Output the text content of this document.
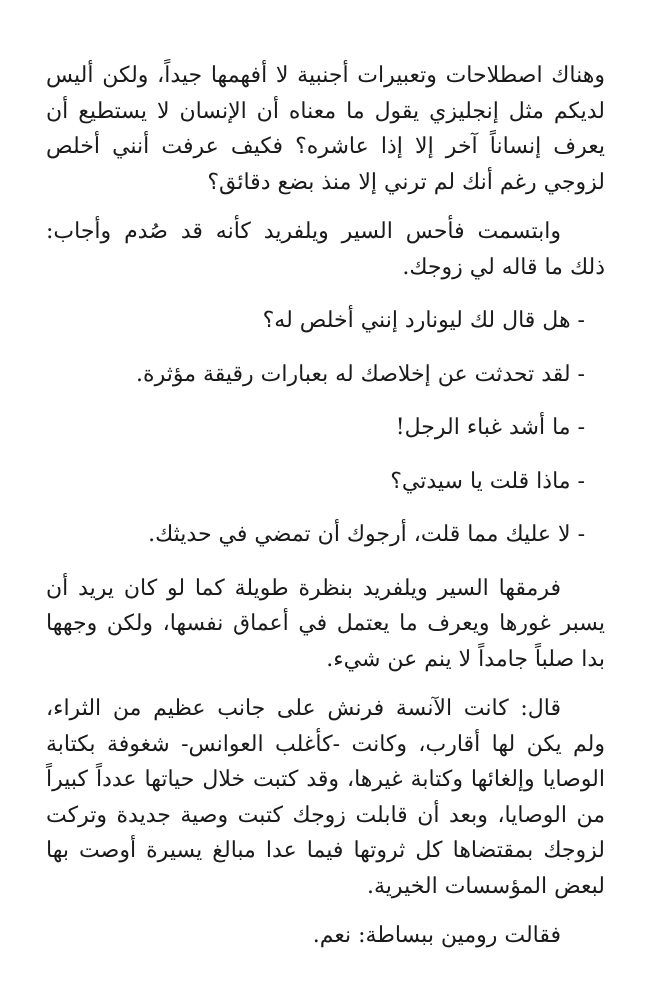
وهناك اصطلاحات وتعبيرات أجنبية لا أفهمها جيداً، ولكن أليس لديكم مثل إنجليزي يقول ما معناه أن الإنسان لا يستطيع أن يعرف إنساناً آخر إلا إذا عاشره؟ فكيف عرفت أنني أخلص لزوجي رغم أنك لم ترني إلا منذ بضع دقائق؟

وابتسمت فأحس السير ويلفريد كأنه قد صُدم وأجاب: ذلك ما قاله لي زوجك.

- هل قال لك ليونارد إنني أخلص له؟

- لقد تحدثت عن إخلاصك له بعبارات رقيقة مؤثرة.

- ما أشد غباء الرجل!

- ماذا قلت يا سيدتي؟

- لا عليك مما قلت، أرجوك أن تمضي في حديثك.

فرمقها السير ويلفريد بنظرة طويلة كما لو كان يريد أن يسبر غورها ويعرف ما يعتمل في أعماق نفسها، ولكن وجهها بدا صلباً جامداً لا ينم عن شيء.

قال: كانت الآنسة فرنش على جانب عظيم من الثراء، ولم يكن لها أقارب، وكانت -كأغلب العوانس- شغوفة بكتابة الوصايا وإلغائها وكتابة غيرها، وقد كتبت خلال حياتها عدداً كبيراً من الوصايا، وبعد أن قابلت زوجك كتبت وصية جديدة وتركت لزوجك بمقتضاها كل ثروتها فيما عدا مبالغ يسيرة أوصت بها لبعض المؤسسات الخيرية.

فقالت رومين ببساطة: نعم.
